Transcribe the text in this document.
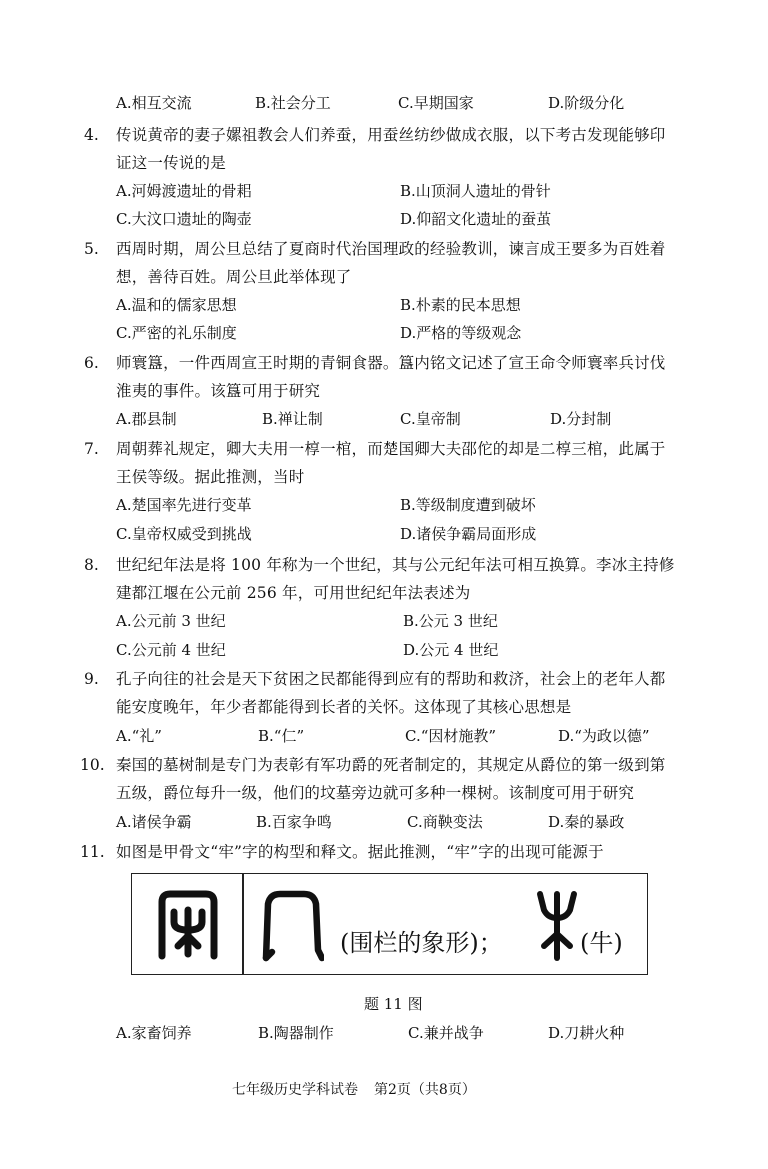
A.相互交流	B.社会分工	C.早期国家	D.阶级分化
4. 传说黄帝的妻子嫘祖教会人们养蚕，用蚕丝纺纱做成衣服，以下考古发现能够印
证这一传说的是
A.河姆渡遗址的骨耜	B.山顶洞人遗址的骨针
C.大汶口遗址的陶壶	D.仰韶文化遗址的蚕茧
5. 西周时期，周公旦总结了夏商时代治国理政的经验教训，谏言成王要多为百姓着
想，善待百姓。周公旦此举体现了
A.温和的儒家思想	B.朴素的民本思想
C.严密的礼乐制度	D.严格的等级观念
6. 师寰簋，一件西周宣王时期的青铜食器。簋内铭文记述了宣王命令师寰率兵讨伐
淮夷的事件。该簋可用于研究
A.郡县制	B.禅让制	C.皇帝制	D.分封制
7. 周朝葬礼规定，卿大夫用一椁一棺，而楚国卿大夫邵佗的却是二椁三棺，此属于
王侯等级。据此推测，当时
A.楚国率先进行变革	B.等级制度遭到破坏
C.皇帝权威受到挑战	D.诸侯争霸局面形成
8. 世纪纪年法是将 100 年称为一个世纪，其与公元纪年法可相互换算。李冰主持修
建都江堰在公元前 256 年，可用世纪纪年法表述为
A.公元前 3 世纪	B.公元 3 世纪
C.公元前 4 世纪	D.公元 4 世纪
9. 孔子向往的社会是天下贫困之民都能得到应有的帮助和救济，社会上的老年人都
能安度晚年，年少者都能得到长者的关怀。这体现了其核心思想是
A.“礼”	B.“仁”	C.“因材施教”	D.“为政以德”
10. 秦国的墓树制是专门为表彰有军功爵的死者制定的，其规定从爵位的第一级到第
五级，爵位每升一级，他们的坟墓旁边就可多种一棵树。该制度可用于研究
A.诸侯争霸	B.百家争鸣	C.商鞅变法	D.秦的暴政
11. 如图是甲骨文“牢”字的构型和释文。据此推测，“牢”字的出现可能源于
(围栏的象形)；	(牛)
题 11 图
A.家畜饲养	B.陶器制作	C.兼并战争	D.刀耕火种
七年级历史学科试卷 第2页（共8页）
